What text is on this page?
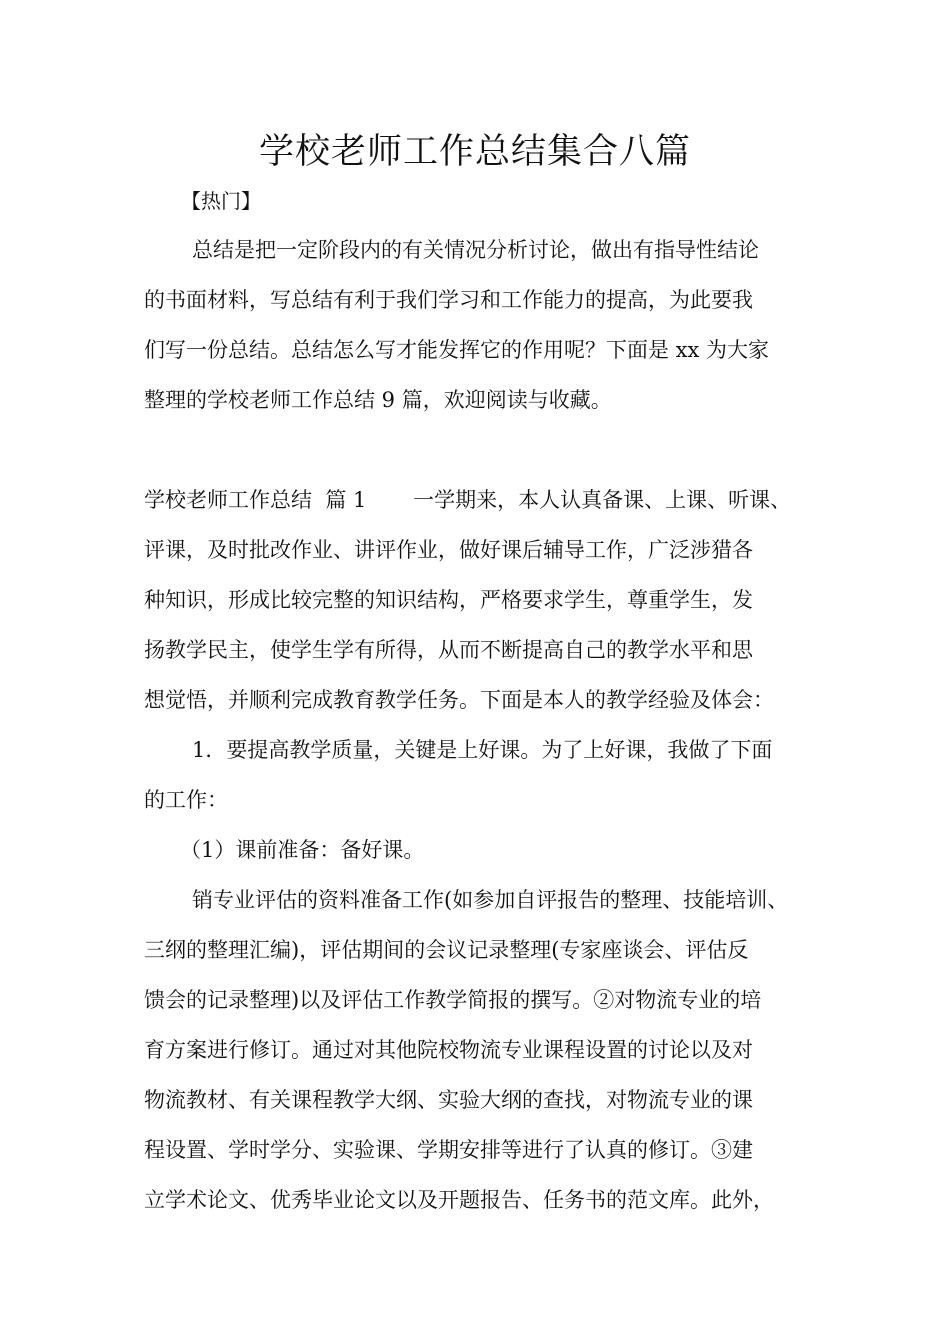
学校老师工作总结集合八篇

【热门】

总结是把一定阶段内的有关情况分析讨论，做出有指导性结论

的书面材料，写总结有利于我们学习和工作能力的提高，为此要我

们写一份总结。总结怎么写才能发挥它的作用呢？下面是 xx 为大家

整理的学校老师工作总结 9 篇，欢迎阅读与收藏。

学校老师工作总结  篇 1       一学期来，本人认真备课、上课、听课、

评课，及时批改作业、讲评作业，做好课后辅导工作，广泛涉猎各

种知识，形成比较完整的知识结构，严格要求学生，尊重学生，发

扬教学民主，使学生学有所得，从而不断提高自己的教学水平和思

想觉悟，并顺利完成教育教学任务。下面是本人的教学经验及体会：

1．要提高教学质量，关键是上好课。为了上好课，我做了下面

的工作：

（1）课前准备：备好课。

销专业评估的资料准备工作(如参加自评报告的整理、技能培训、

三纲的整理汇编)，评估期间的会议记录整理(专家座谈会、评估反

馈会的记录整理)以及评估工作教学简报的撰写。②对物流专业的培

育方案进行修订。通过对其他院校物流专业课程设置的讨论以及对

物流教材、有关课程教学大纲、实验大纲的查找，对物流专业的课

程设置、学时学分、实验课、学期安排等进行了认真的修订。③建

立学术论文、优秀毕业论文以及开题报告、任务书的范文库。此外，
